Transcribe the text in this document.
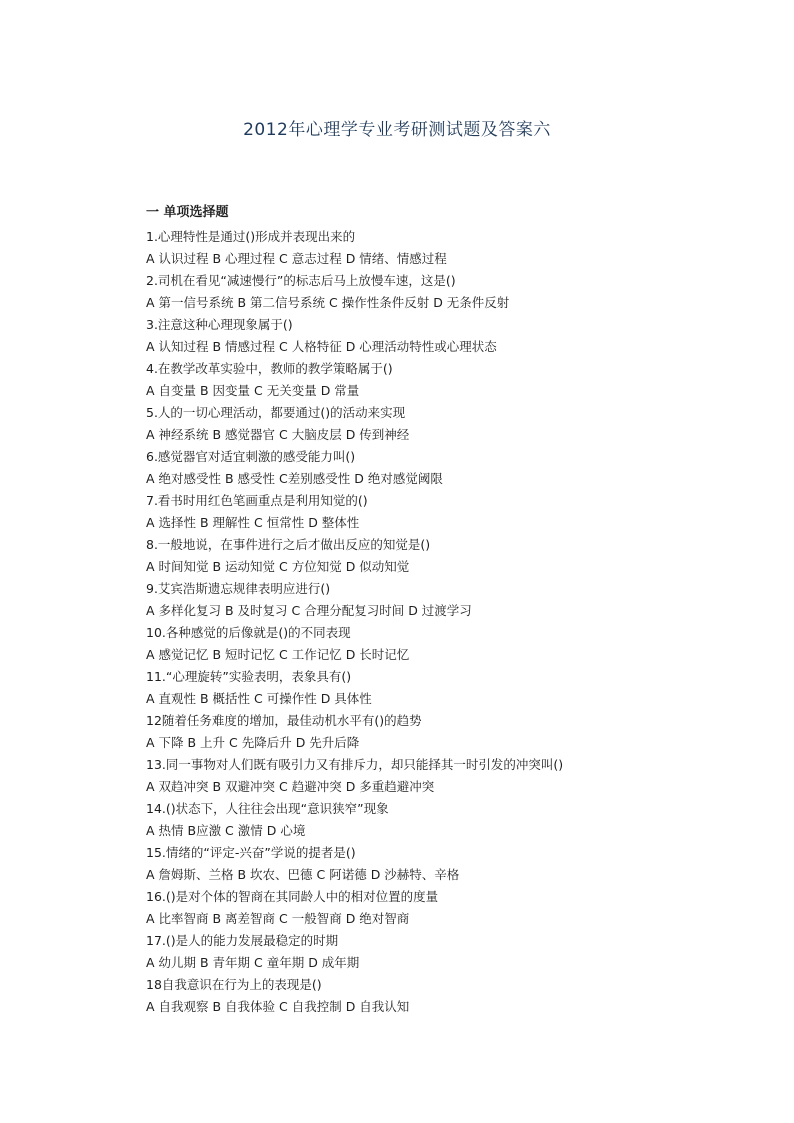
2012年心理学专业考研测试题及答案六
一 单项选择题
1.心理特性是通过()形成并表现出来的
A 认识过程 B 心理过程 C 意志过程 D 情绪、情感过程
2.司机在看见“减速慢行”的标志后马上放慢车速，这是()
A 第一信号系统 B 第二信号系统 C 操作性条件反射 D 无条件反射
3.注意这种心理现象属于()
A 认知过程 B 情感过程 C 人格特征 D 心理活动特性或心理状态
4.在教学改革实验中，教师的教学策略属于()
A 自变量 B 因变量 C 无关变量 D 常量
5.人的一切心理活动，都要通过()的活动来实现
A 神经系统 B 感觉器官 C 大脑皮层 D 传到神经
6.感觉器官对适宜刺激的感受能力叫()
A 绝对感受性 B 感受性 C差别感受性 D 绝对感觉阈限
7.看书时用红色笔画重点是利用知觉的()
A 选择性 B 理解性 C 恒常性 D 整体性
8.一般地说，在事件进行之后才做出反应的知觉是()
A 时间知觉 B 运动知觉 C 方位知觉 D 似动知觉
9.艾宾浩斯遗忘规律表明应进行()
A 多样化复习 B 及时复习 C 合理分配复习时间 D 过渡学习
10.各种感觉的后像就是()的不同表现
A 感觉记忆 B 短时记忆 C 工作记忆 D 长时记忆
11.“心理旋转”实验表明，表象具有()
A 直观性 B 概括性 C 可操作性 D 具体性
12随着任务难度的增加，最佳动机水平有()的趋势
A 下降 B 上升 C 先降后升 D 先升后降
13.同一事物对人们既有吸引力又有排斥力，却只能择其一时引发的冲突叫()
A 双趋冲突 B 双避冲突 C 趋避冲突 D 多重趋避冲突
14.()状态下，人往往会出现“意识狭窄”现象
A 热情 B应激 C 激情 D 心境
15.情绪的“评定-兴奋”学说的提者是()
A 詹姆斯、兰格 B 坎农、巴德 C 阿诺德 D 沙赫特、辛格
16.()是对个体的智商在其同龄人中的相对位置的度量
A 比率智商 B 离差智商 C 一般智商 D 绝对智商
17.()是人的能力发展最稳定的时期
A 幼儿期 B 青年期 C 童年期 D 成年期
18自我意识在行为上的表现是()
A 自我观察 B 自我体验 C 自我控制 D 自我认知
